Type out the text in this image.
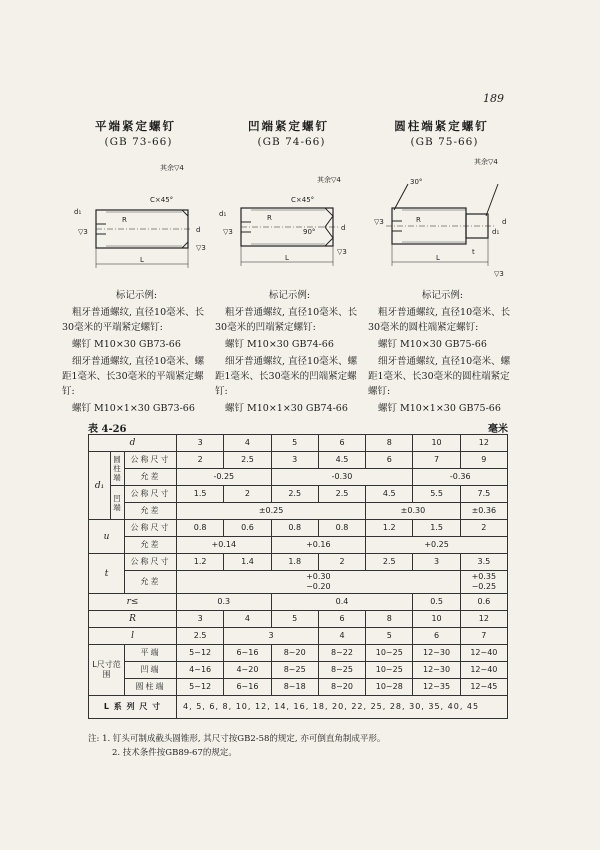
189
平端紧定螺钉
(GB 73-66)
其余▽4
C×45°
R
d
L
d₁
▽3
▽3
标记示例:

粗牙普通螺纹, 直径10毫米、长30毫米的平端紧定螺钉:

螺钉 M10×30 GB73-66

细牙普通螺纹, 直径10毫米、螺距1毫米、长30毫米的平端紧定螺钉:

螺钉 M10×1×30 GB73-66

凹端紧定螺钉
(GB 74-66)
其余▽4
C×45°
R
90°	d
L
d₁
▽3
▽3
标记示例:

粗牙普通螺纹, 直径10毫米、长30毫米的凹端紧定螺钉:

螺钉 M10×30 GB74-66

细牙普通螺纹, 直径10毫米、螺距1毫米、长30毫米的凹端紧定螺钉:

螺钉 M10×1×30 GB74-66

圆柱端紧定螺钉
(GB 75-66)
其余▽4
30°
R	d
L
d₁
t
▽3
▽3
标记示例:

粗牙普通螺纹, 直径10毫米、长30毫米的圆柱端紧定螺钉:

螺钉 M10×30 GB75-66

细牙普通螺纹, 直径10毫米、螺距1毫米、长30毫米的圆柱端紧定螺钉:

螺钉 M10×1×30 GB75-66

表 4-26	毫米
d			3	4	5	6	8	10	12
d₁	圆柱端	公称尺寸	2	2.5	3	4.5	6	7	9
		允差	-0.25		-0.30			-0.36	
	凹端	公称尺寸	1.5	2	2.5	2.5	4.5	5.5	7.5
		允差	±0.25				±0.30		±0.36
u		公称尺寸	0.8	0.6	0.8	0.8	1.2	1.5	2
		允差	+0.14		+0.16		+0.25		
t		公称尺寸	1.2	1.4	1.8	2	2.5	3	3.5
		允差	+0.30
−0.20						+0.35
−0.25
r≤			0.3		0.4			0.5	0.6
R			3	4	5	6	8	10	12
l			2.5	3		4	5	6	7
L尺寸范围		平端	5~12	6~16	8~20	8~22	10~25	12~30	12~40
		凹端	4~16	4~20	8~25	8~25	10~25	12~30	12~40
		圆柱端	5~12	6~16	8~18	8~20	10~28	12~35	12~45
L 系 列 尺 寸			4, 5, 6, 8, 10, 12, 14, 16, 18, 20, 22, 25, 28, 30, 35, 40, 45						
注: 1. 钉头可制成截头圆锥形, 其尺寸按GB2-58的规定, 亦可倒直角制成平形。
2. 技术条件按GB89-67的规定。
